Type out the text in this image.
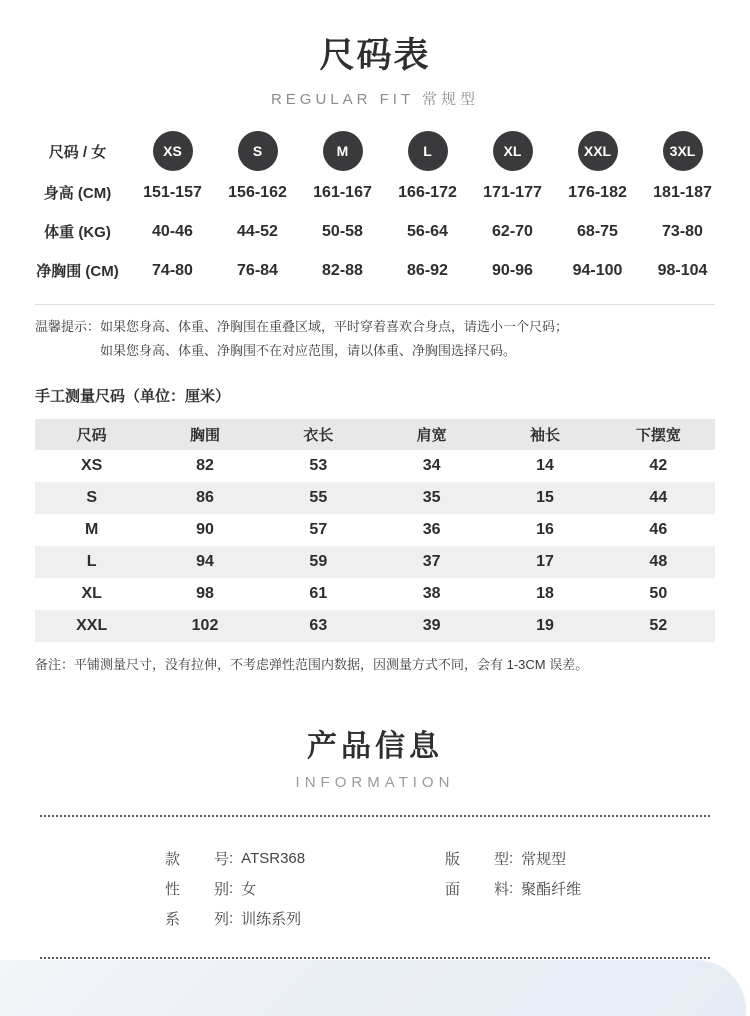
尺码表
REGULAR FIT 常规型
尺码 / 女	XS	S	M	L	XL	XXL	3XL
身高 (CM)	151-157	156-162	161-167	166-172	171-177	176-182	181-187
体重 (KG)	40-46	44-52	50-58	56-64	62-70	68-75	73-80
净胸围 (CM)	74-80	76-84	82-88	86-92	90-96	94-100	98-104
温馨提示： 如果您身高、体重、净胸围在重叠区域，平时穿着喜欢合身点，请选小一个尺码；
如果您身高、体重、净胸围不在对应范围，请以体重、净胸围选择尺码。
手工测量尺码（单位：厘米）
尺码	胸围	衣长	肩宽	袖长	下摆宽
XS	82	53	34	14	42
S	86	55	35	15	44
M	90	57	36	16	46
L	94	59	37	17	48
XL	98	61	38	18	50
XXL	102	63	39	19	52
备注：平铺测量尺寸，没有拉伸，不考虑弹性范围内数据，因测量方式不同，会有 1-3CM 误差。
产品信息
INFORMATION
款号 : ATSR368
性别 : 女
系列 : 训练系列
版型 : 常规型
面料 : 聚酯纤维
